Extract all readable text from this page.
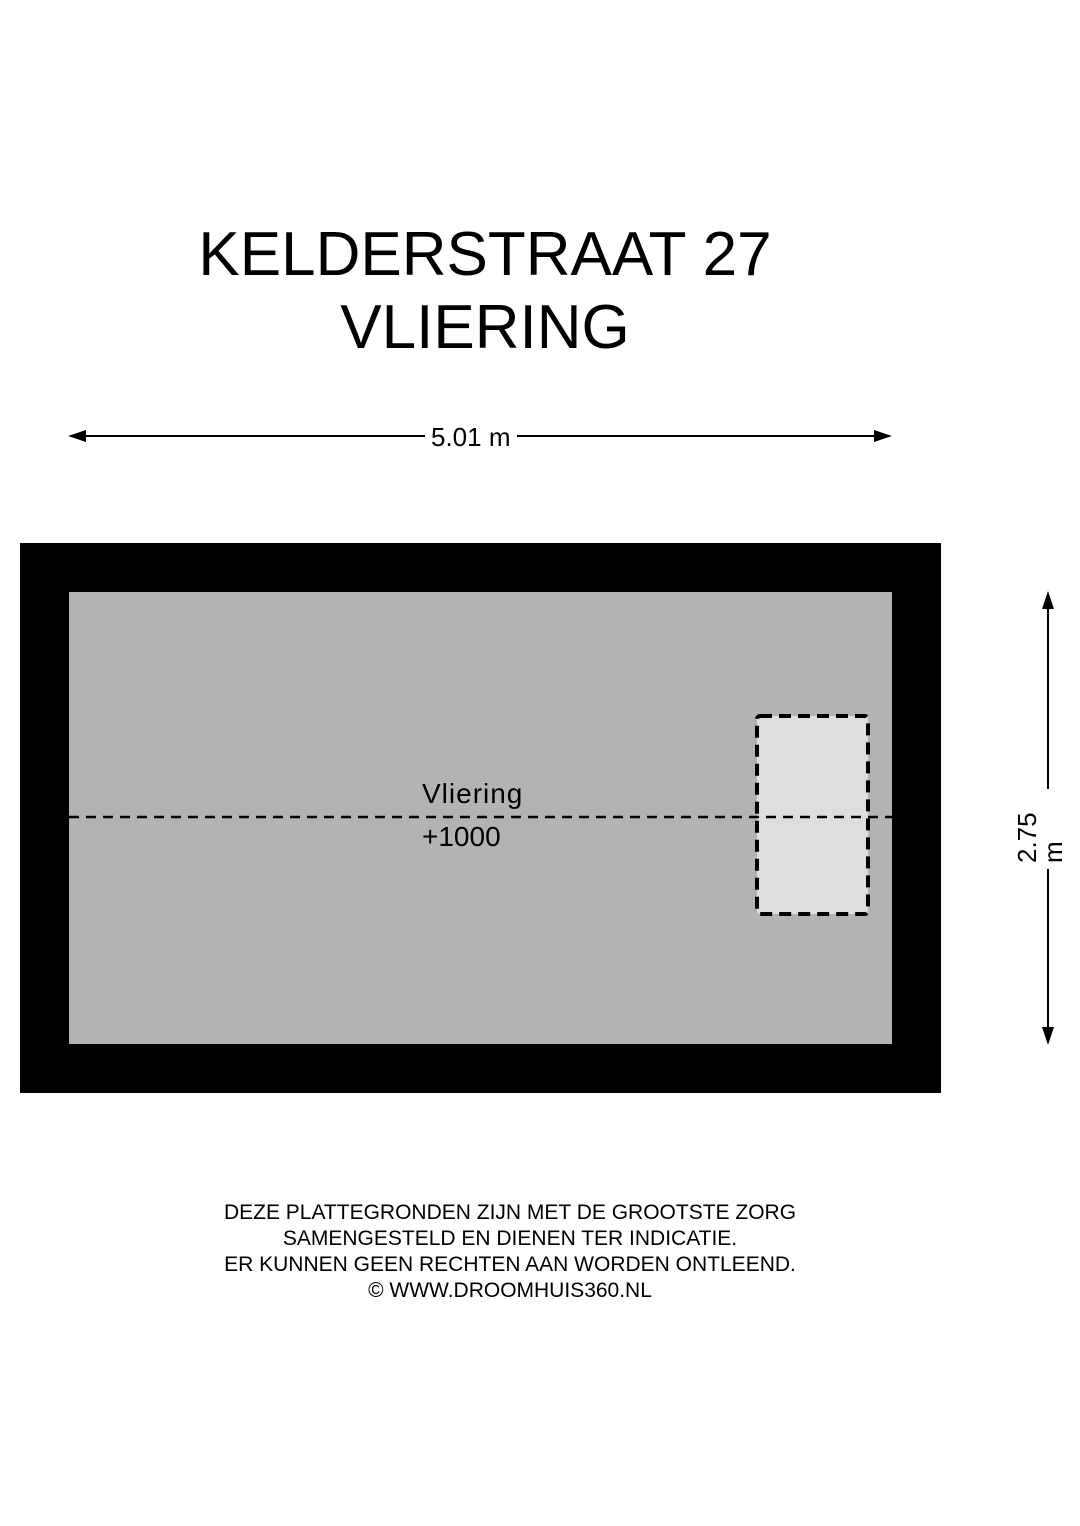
KELDERSTRAAT 27
VLIERING
5.01 m
2.75 m
Vliering
+1000
DEZE PLATTEGRONDEN ZIJN MET DE GROOTSTE ZORG
SAMENGESTELD EN DIENEN TER INDICATIE.
ER KUNNEN GEEN RECHTEN AAN WORDEN ONTLEEND.
© WWW.DROOMHUIS360.NL
